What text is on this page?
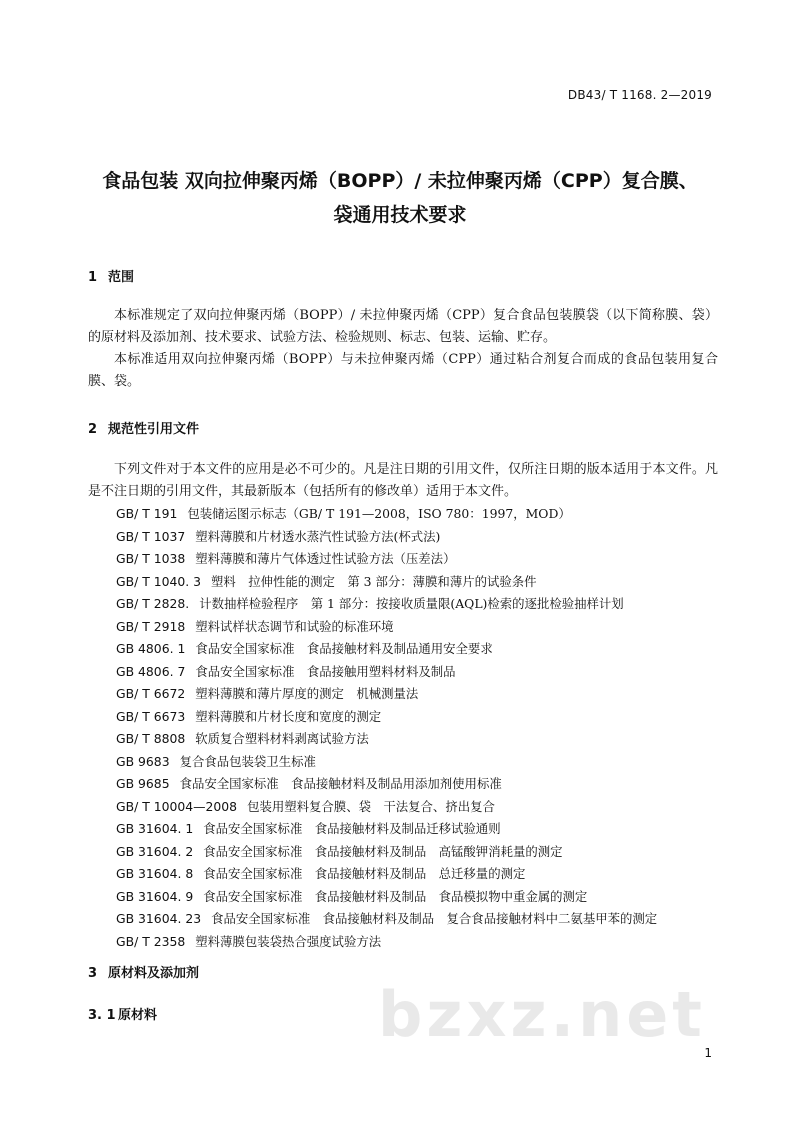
DB43/ T 1168. 2—2019
食品包装 双向拉伸聚丙烯（BOPP）/ 未拉伸聚丙烯（CPP）复合膜、
袋通用技术要求
1 范围
本标准规定了双向拉伸聚丙烯（BOPP）/ 未拉伸聚丙烯（CPP）复合食品包装膜袋（以下简称膜、袋）的原材料及添加剂、技术要求、试验方法、检验规则、标志、包装、运输、贮存。
本标准适用双向拉伸聚丙烯（BOPP）与未拉伸聚丙烯（CPP）通过粘合剂复合而成的食品包装用复合膜、袋。
2 规范性引用文件
下列文件对于本文件的应用是必不可少的。凡是注日期的引用文件，仅所注日期的版本适用于本文件。凡是不注日期的引用文件，其最新版本（包括所有的修改单）适用于本文件。
GB/ T 191 包装储运图示标志（GB/ T 191—2008，ISO 780：1997，MOD）
GB/ T 1037 塑料薄膜和片材透水蒸汽性试验方法(杯式法)
GB/ T 1038 塑料薄膜和薄片气体透过性试验方法（压差法）
GB/ T 1040. 3 塑料　拉伸性能的测定　第 3 部分：薄膜和薄片的试验条件
GB/ T 2828. 计数抽样检验程序　第 1 部分：按接收质量限(AQL)检索的逐批检验抽样计划
GB/ T 2918 塑料试样状态调节和试验的标准环境
GB 4806. 1 食品安全国家标准　食品接触材料及制品通用安全要求
GB 4806. 7 食品安全国家标准　食品接触用塑料材料及制品
GB/ T 6672 塑料薄膜和薄片厚度的测定　机械测量法
GB/ T 6673 塑料薄膜和片材长度和宽度的测定
GB/ T 8808 软质复合塑料材料剥离试验方法
GB 9683 复合食品包装袋卫生标准
GB 9685 食品安全国家标准　食品接触材料及制品用添加剂使用标准
GB/ T 10004—2008 包装用塑料复合膜、袋　干法复合、挤出复合
GB 31604. 1 食品安全国家标准　食品接触材料及制品迁移试验通则
GB 31604. 2 食品安全国家标准　食品接触材料及制品　高锰酸钾消耗量的测定
GB 31604. 8 食品安全国家标准　食品接触材料及制品　总迁移量的测定
GB 31604. 9 食品安全国家标准　食品接触材料及制品　食品模拟物中重金属的测定
GB 31604. 23 食品安全国家标准　食品接触材料及制品　复合食品接触材料中二氨基甲苯的测定
GB/ T 2358 塑料薄膜包装袋热合强度试验方法
3 原材料及添加剂
3. 1 原材料	bzxz.net
1
